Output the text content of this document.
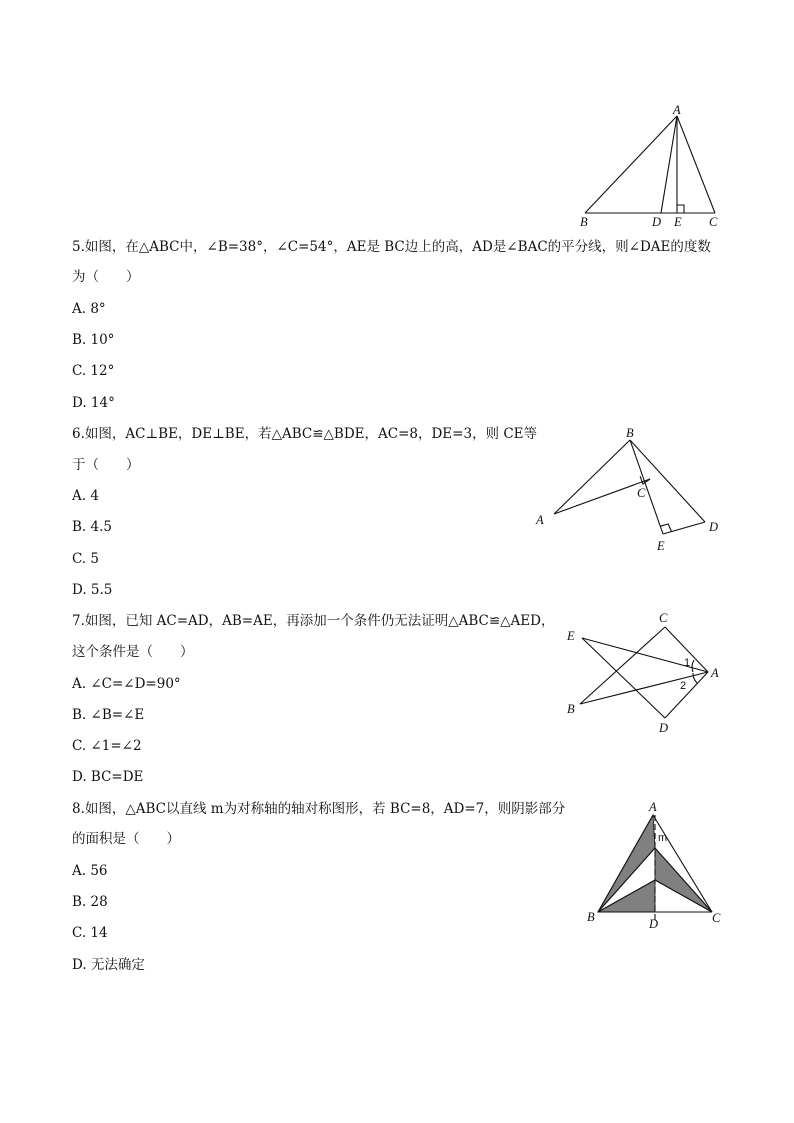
A
B	D E C
5.如图，在△ABC中，∠B=38°，∠C=54°，AE是 BC边上的高，AD是∠BAC的平分线，则∠DAE的度数
为（　　）
A. 8°
B. 10°
C. 12°
D. 14°
6.如图，AC⊥BE，DE⊥BE，若△ABC≌△BDE，AC=8，DE=3，则 CE等
于（　　）
A. 4
B. 4.5
C. 5
D. 5.5
B
C
A
E
D
7.如图，已知 AC=AD，AB=AE，再添加一个条件仍无法证明△ABC≌△AED，
这个条件是（　　）
A. ∠C=∠D=90°
B. ∠B=∠E
C. ∠1=∠2
D. BC=DE
C
E
A
1
2
B
D
8.如图，△ABC以直线 m为对称轴的轴对称图形，若 BC=8，AD=7，则阴影部分
的面积是（　　）
A. 56
B. 28
C. 14
D. 无法确定
A
m
B	D	C
